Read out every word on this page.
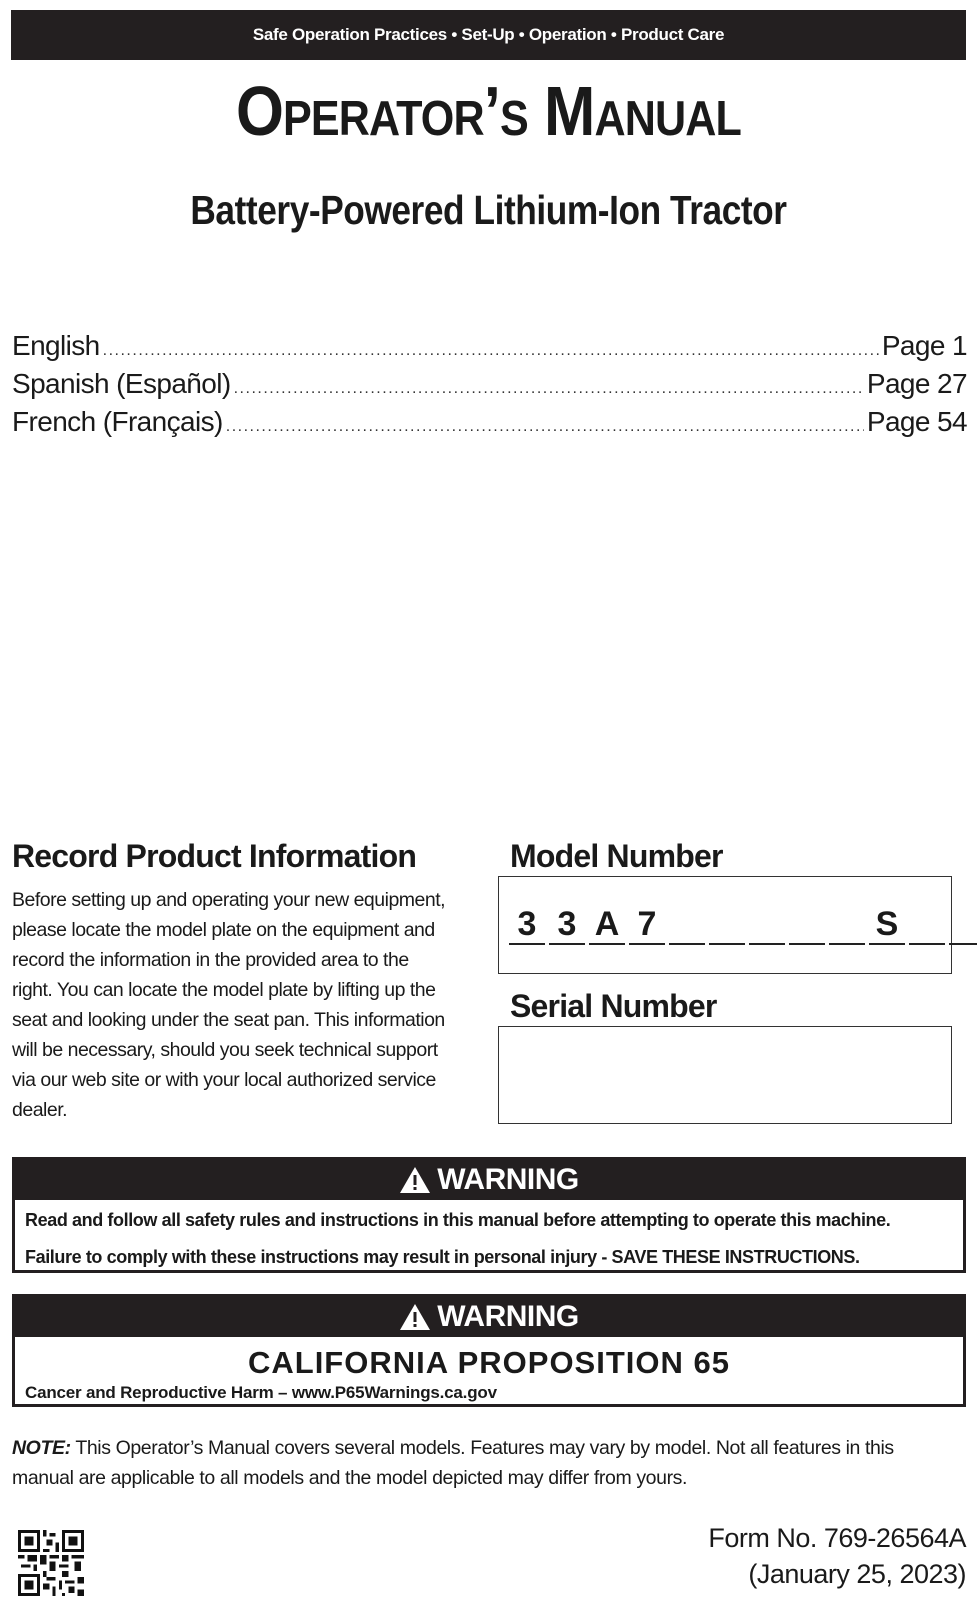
Safe Operation Practices • Set-Up • Operation • Product Care
Operator’s Manual
Battery-Powered Lithium-Ion Tractor
English .....	Page 1
Spanish (Español) .....	Page 27
French (Français) .....	Page 54
Record Product Information
Before setting up and operating your new equipment, please locate the model plate on the equipment and record the information in the provided area to the right. You can locate the model plate by lifting up the seat and looking under the seat pan. This information will be necessary, should you seek technical support via our web site or with your local authorized service dealer.
Model Number
3 3 A 7	S
Serial Number
WARNING
Read and follow all safety rules and instructions in this manual before attempting to operate this machine.
Failure to comply with these instructions may result in personal injury - SAVE THESE INSTRUCTIONS.
WARNING
CALIFORNIA PROPOSITION 65
Cancer and Reproductive Harm – www.P65Warnings.ca.gov
NOTE: This Operator’s Manual covers several models. Features may vary by model. Not all features in this manual are applicable to all models and the model depicted may differ from yours.
Form No. 769-26564A
(January 25, 2023)
